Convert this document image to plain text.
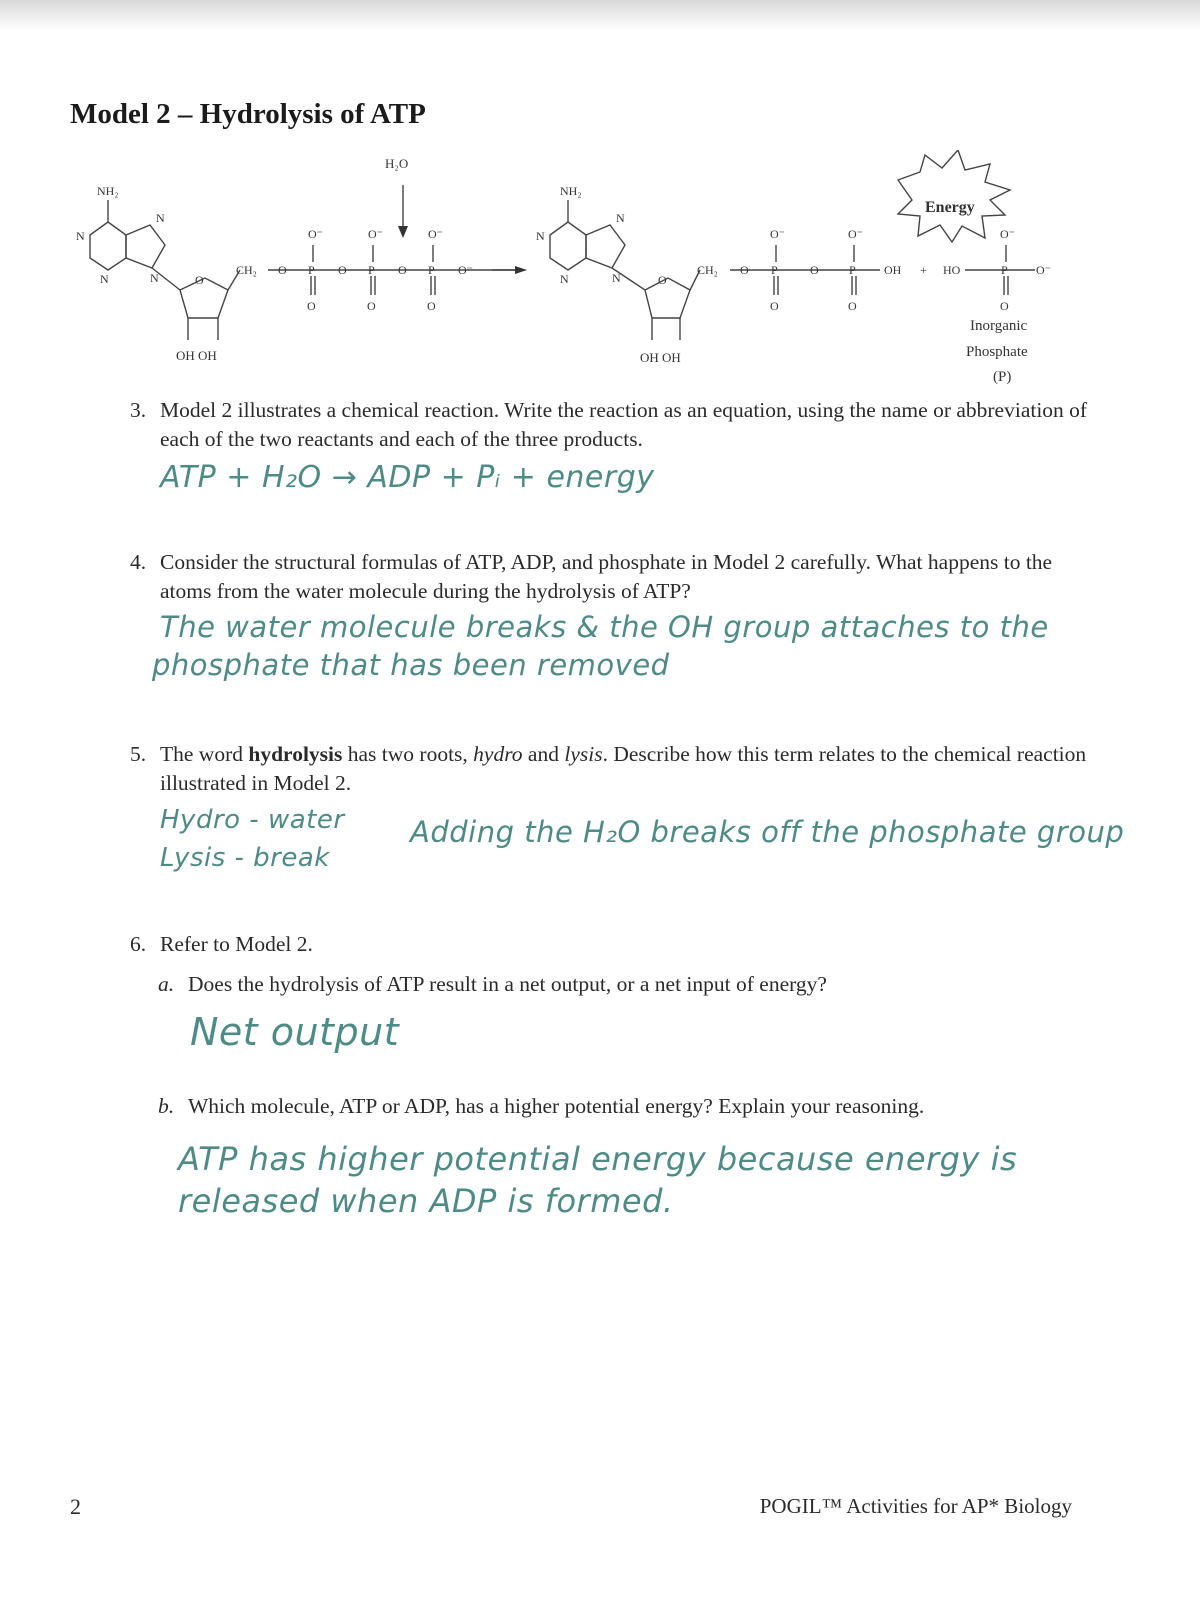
Model 2 – Hydrolysis of ATP
H₂O
NH₂	NH₂
CH₂	CH₂
OH OH	OH OH
Energy
N
N
N
N
N
N
N
N
O	O
O⁻	O⁻	O⁻
O P O P O P O⁻
O	O	O
O⁻	O⁻
O P	O	P OH + HO	P O⁻
O⁻
O	O	O
Inorganic
Phosphate
(P)
3. Model 2 illustrates a chemical reaction. Write the reaction as an equation, using the name or abbreviation of each of the two reactants and each of the three products.
ATP + H₂O → ADP + Pᵢ + energy
4. Consider the structural formulas of ATP, ADP, and phosphate in Model 2 carefully. What happens to the atoms from the water molecule during the hydrolysis of ATP?
The water molecule breaks & the OH group attaches to the
phosphate that has been removed
5. The word hydrolysis has two roots, hydro and lysis. Describe how this term relates to the chemical reaction illustrated in Model 2.
Hydro - water
Lysis - break
Adding the H₂O breaks off the phosphate group
6. Refer to Model 2.
a. Does the hydrolysis of ATP result in a net output, or a net input of energy?
Net output
b. Which molecule, ATP or ADP, has a higher potential energy? Explain your reasoning.
ATP has higher potential energy because energy is
released when ADP is formed.
2	POGIL™ Activities for AP* Biology
